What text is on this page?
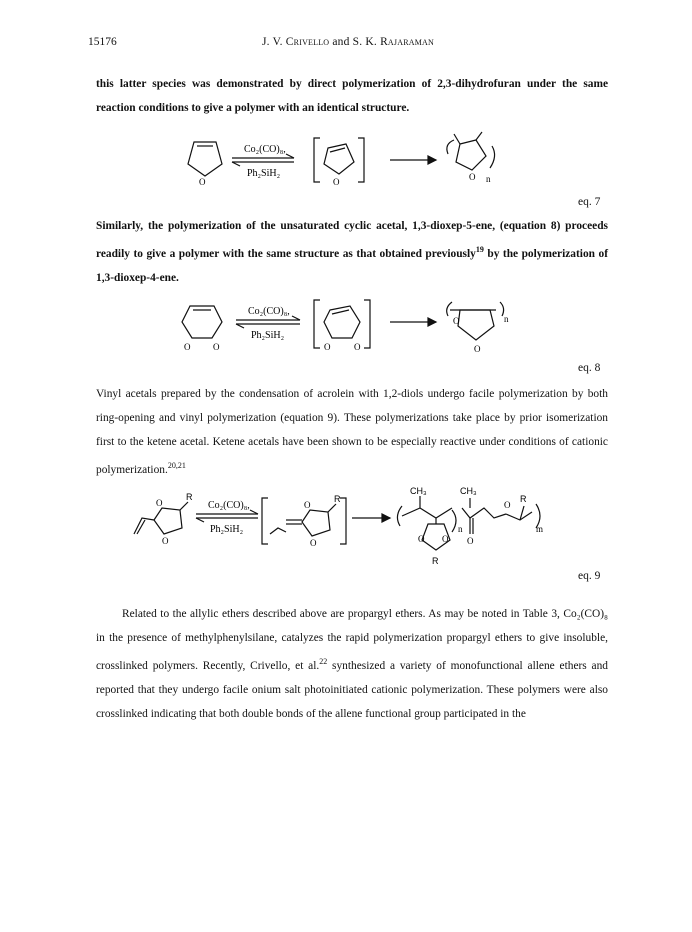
15176	J. V. Crivello and S. K. Rajaraman

this latter species was demonstrated by direct polymerization of 2,3-dihydrofuran under the same reaction conditions to give a polymer with an identical structure.

O	O	O n
Co₂(CO)₈,
Ph₂SiH₂
eq. 7

Similarly, the polymerization of the unsaturated cyclic acetal, 1,3-dioxep-5-ene, (equation 8) proceeds readily to give a polymer with the same structure as that obtained previously$^{19}$ by the polymerization of 1,3-dioxep-4-ene.

O	O	O	O
O
O
n
Co₂(CO)₈,
Ph₂SiH₂
eq. 8

Vinyl acetals prepared by the condensation of acrolein with 1,2-diols undergo facile polymerization by both ring-opening and vinyl polymerization (equation 9). These polymerizations take place by prior isomerization first to the ketene acetal. Ketene acetals have been shown to be especially reactive under conditions of cationic polymerization.$^{20,21}$

O
O
R
O
O
R
CH₃	CH₃
R
O O
R
n
O
O
m
Co₂(CO)₈,
Ph₂SiH₂
eq. 9

Related to the allylic ethers described above are propargyl ethers. As may be noted in Table 3, Co₂(CO)₈ in the presence of methylphenylsilane, catalyzes the rapid polymerization propargyl ethers to give insoluble, crosslinked polymers. Recently, Crivello, et al.$^{22}$ synthesized a variety of monofunctional allene ethers and reported that they undergo facile onium salt photoinitiated cationic polymerization. These polymers were also crosslinked indicating that both double bonds of the allene functional group participated in the
